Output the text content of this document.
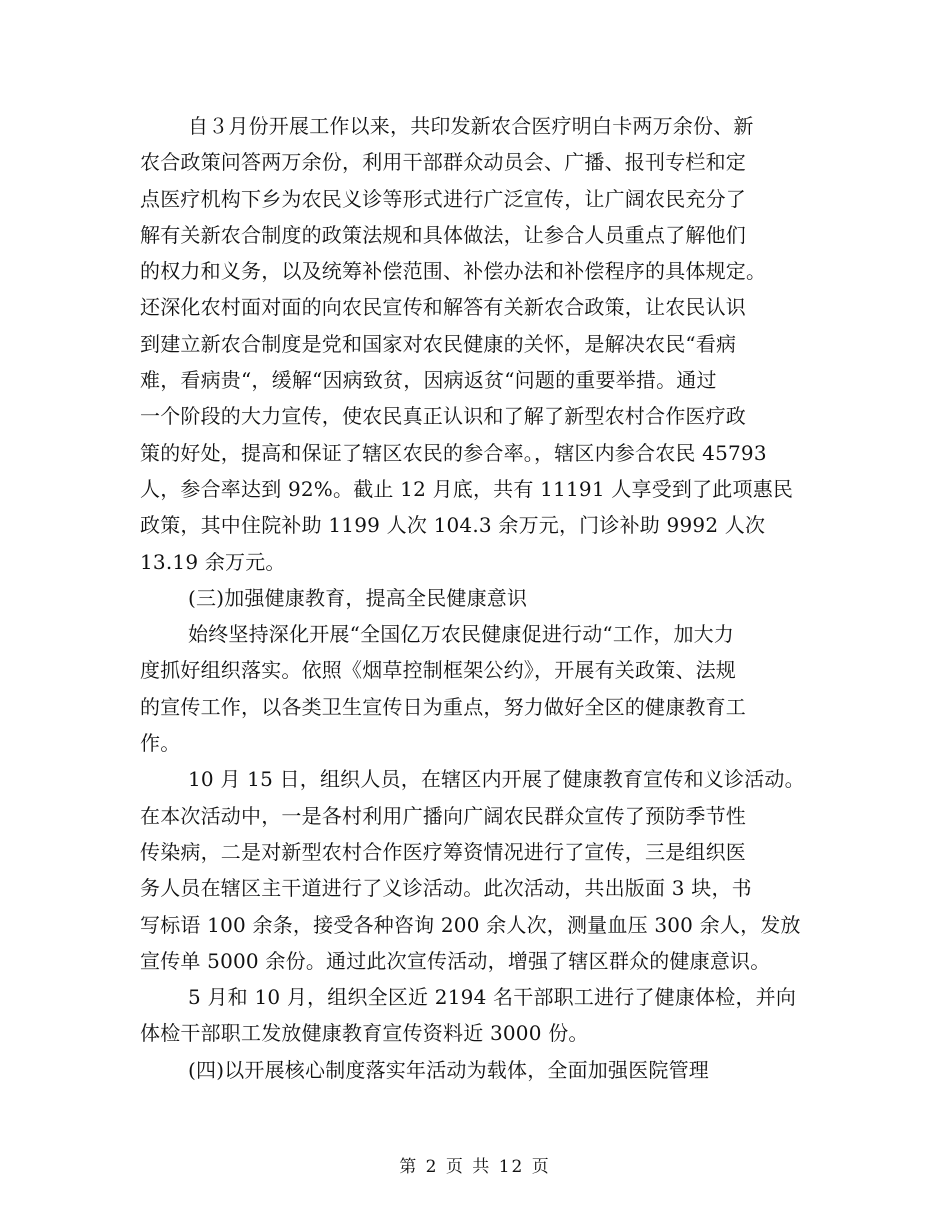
自３月份开展工作以来，共印发新农合医疗明白卡两万余份、新
农合政策问答两万余份，利用干部群众动员会、广播、报刊专栏和定
点医疗机构下乡为农民义诊等形式进行广泛宣传，让广阔农民充分了
解有关新农合制度的政策法规和具体做法，让参合人员重点了解他们
的权力和义务，以及统筹补偿范围、补偿办法和补偿程序的具体规定。
还深化农村面对面的向农民宣传和解答有关新农合政策，让农民认识
到建立新农合制度是党和国家对农民健康的关怀，是解决农民“看病
难，看病贵“，缓解“因病致贫，因病返贫“问题的重要举措。通过
一个阶段的大力宣传，使农民真正认识和了解了新型农村合作医疗政
策的好处，提高和保证了辖区农民的参合率。，辖区内参合农民 45793
人，参合率达到 92%。截止 12 月底，共有 11191 人享受到了此项惠民
政策，其中住院补助 1199 人次 104.3 余万元，门诊补助 9992 人次
13.19 余万元。
(三)加强健康教育，提高全民健康意识
始终坚持深化开展“全国亿万农民健康促进行动“工作，加大力
度抓好组织落实。依照《烟草控制框架公约》，开展有关政策、法规
的宣传工作，以各类卫生宣传日为重点，努力做好全区的健康教育工
作。
10 月 15 日，组织人员，在辖区内开展了健康教育宣传和义诊活动。
在本次活动中，一是各村利用广播向广阔农民群众宣传了预防季节性
传染病，二是对新型农村合作医疗筹资情况进行了宣传，三是组织医
务人员在辖区主干道进行了义诊活动。此次活动，共出版面 3 块，书
写标语 100 余条，接受各种咨询 200 余人次，测量血压 300 余人，发放
宣传单 5000 余份。通过此次宣传活动，增强了辖区群众的健康意识。
5 月和 10 月，组织全区近 2194 名干部职工进行了健康体检，并向
体检干部职工发放健康教育宣传资料近 3000 份。
(四)以开展核心制度落实年活动为载体，全面加强医院管理
第 2 页 共 12 页
